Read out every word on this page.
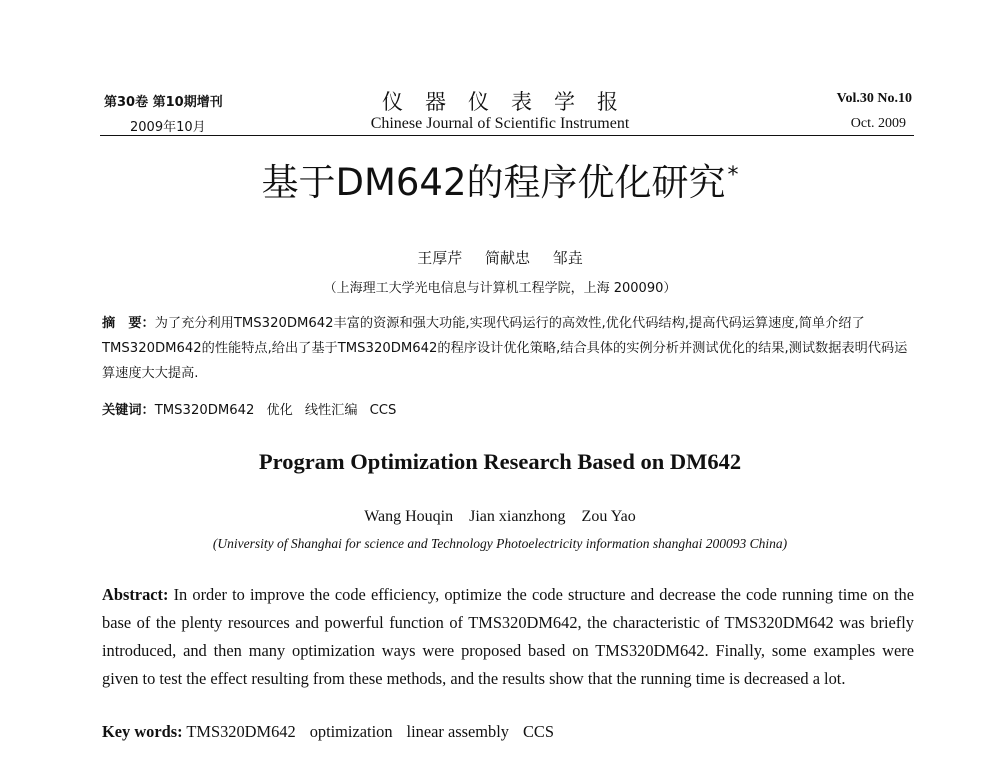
第30卷 第10期增刊
2009年10月
仪器仪表学报
Chinese Journal of Scientific Instrument
Vol.30 No.10
Oct. 2009
基于DM642的程序优化研究*
王厚芹 简献忠 邹垚
（上海理工大学光电信息与计算机工程学院，上海 200090）
摘　要：为了充分利用TMS320DM642丰富的资源和强大功能,实现代码运行的高效性,优化代码结构,提高代码运算速度,简单介绍了TMS320DM642的性能特点,给出了基于TMS320DM642的程序设计优化策略,结合具体的实例分析并测试优化的结果,测试数据表明代码运算速度大大提高.
关键词：TMS320DM642 优化 线性汇编 CCS
Program Optimization Research Based on DM642
Wang Houqin Jian xianzhong Zou Yao
(University of Shanghai for science and Technology Photoelectricity information shanghai 200093 China)
Abstract: In order to improve the code efficiency, optimize the code structure and decrease the code running time on the base of the plenty resources and powerful function of TMS320DM642, the characteristic of TMS320DM642 was briefly introduced, and then many optimization ways were proposed based on TMS320DM642. Finally, some examples were given to test the effect resulting from these methods, and the results show that the running time is decreased a lot.
Key words: TMS320DM642 optimization linear assembly CCS
